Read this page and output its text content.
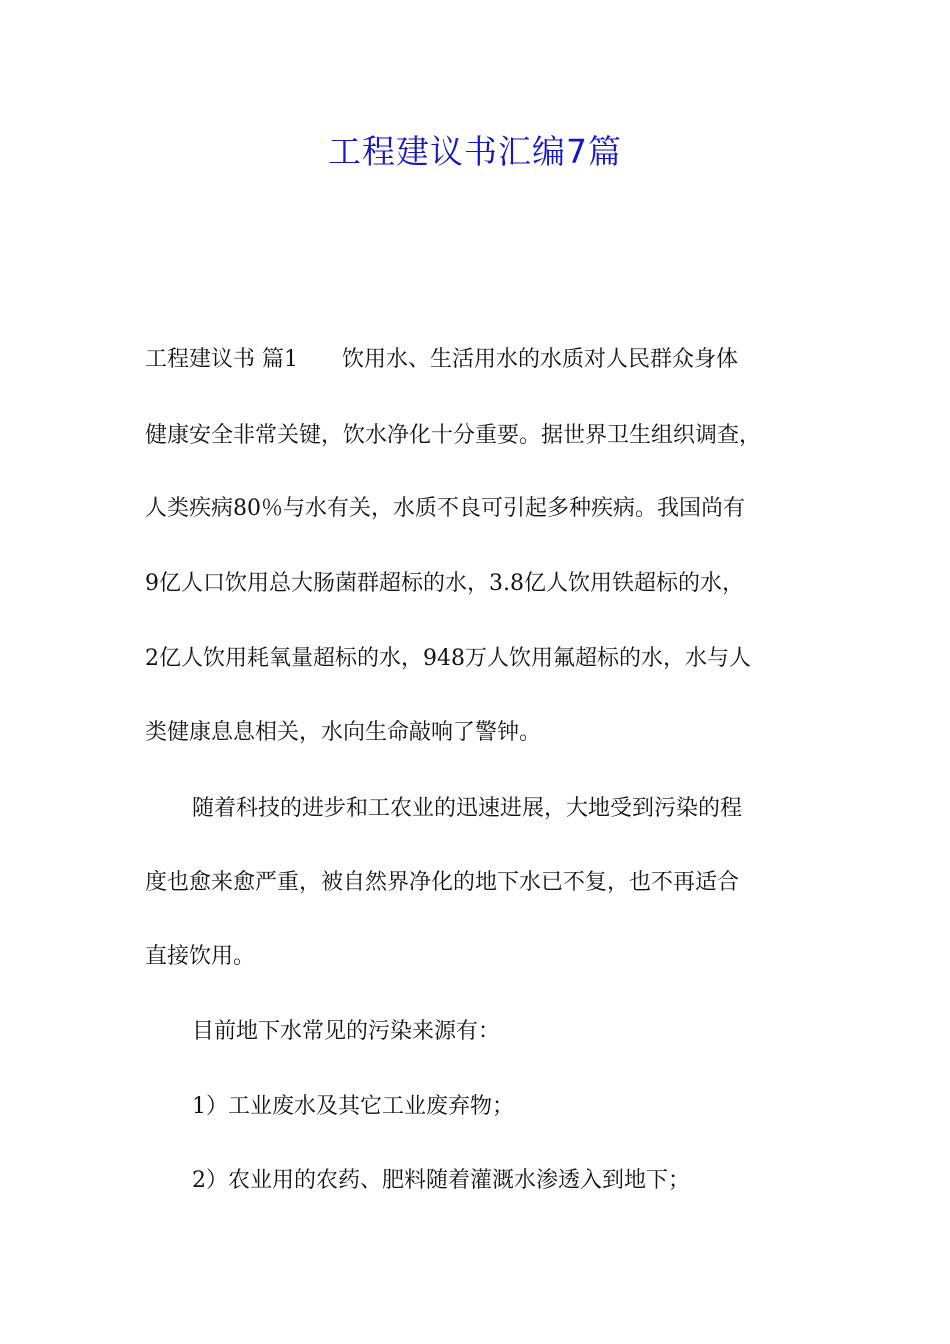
工程建议书汇编7篇

工程建议书 篇1　　饮用水、生活用水的水质对人民群众身体

健康安全非常关键，饮水净化十分重要。据世界卫生组织调查，

人类疾病80％与水有关，水质不良可引起多种疾病。我国尚有

9亿人口饮用总大肠菌群超标的水，3.8亿人饮用铁超标的水，

2亿人饮用耗氧量超标的水，948万人饮用氟超标的水，水与人

类健康息息相关，水向生命敲响了警钟。

随着科技的进步和工农业的迅速进展，大地受到污染的程

度也愈来愈严重，被自然界净化的地下水已不复，也不再适合

直接饮用。

目前地下水常见的污染来源有：

1）工业废水及其它工业废弃物；

2）农业用的农药、肥料随着灌溉水渗透入到地下；
